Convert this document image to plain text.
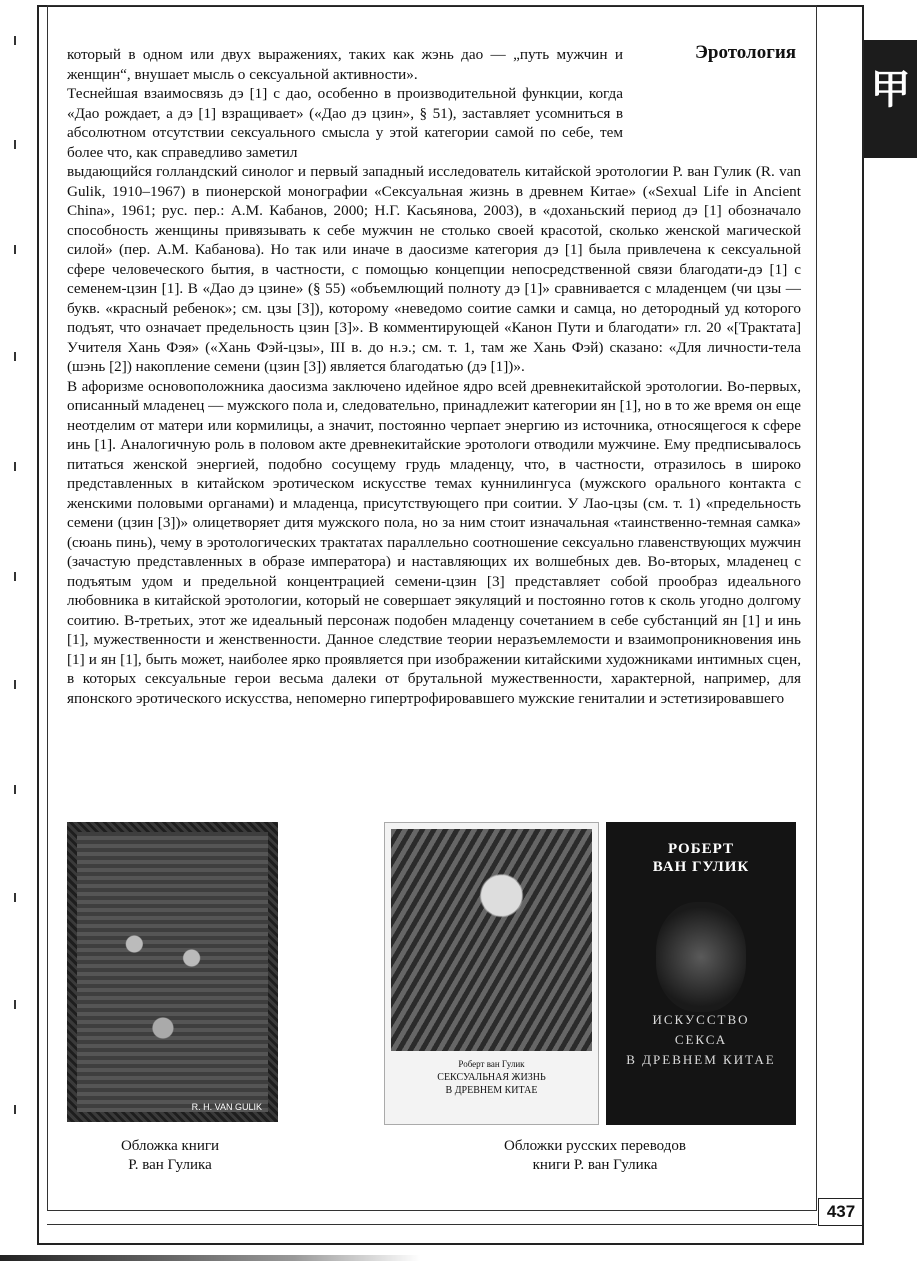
Эротология
甲

который в одном или двух выражениях, таких как жэнь дао — „путь мужчин и женщин“, внушает мысль о сексуальной активности».

Теснейшая взаимосвязь дэ [1] с дао, особенно в производительной функции, когда «Дао рождает, а дэ [1] взращивает» («Дао дэ цзин», § 51), заставляет усомниться в абсолютном отсутствии сексуального смысла у этой категории самой по себе, тем более что, как справедливо заметил

выдающийся голландский синолог и первый западный исследователь китайской эротологии Р. ван Гулик (R. van Gulik, 1910–1967) в пионерской монографии «Сексуальная жизнь в древнем Китае» («Sexual Life in Ancient China», 1961; рус. пер.: А.М. Кабанов, 2000; Н.Г. Касьянова, 2003), в «доханьский период дэ [1] обозначало способность женщины привязывать к себе мужчин не столько своей красотой, сколько женской магической силой» (пер. А.М. Кабанова). Но так или иначе в даосизме категория дэ [1] была привлечена к сексуальной сфере человеческого бытия, в частности, с помощью концепции непосредственной связи благодати-дэ [1] с семенем-цзин [1]. В «Дао дэ цзине» (§ 55) «объемлющий полноту дэ [1]» сравнивается с младенцем (чи цзы — букв. «красный ребенок»; см. цзы [3]), которому «неведомо соитие самки и самца, но детородный уд которого подъят, что означает предельность цзин [3]». В комментирующей «Канон Пути и благодати» гл. 20 «[Трактата] Учителя Хань Фэя» («Хань Фэй-цзы», III в. до н.э.; см. т. 1, там же Хань Фэй) сказано: «Для личности-тела (шэнь [2]) накопление семени (цзин [3]) является благодатью (дэ [1])».

В афоризме основоположника даосизма заключено идейное ядро всей древнекитайской эротологии. Во-первых, описанный младенец — мужского пола и, следовательно, принадлежит категории ян [1], но в то же время он еще неотделим от матери или кормилицы, а значит, постоянно черпает энергию из источника, относящегося к сфере инь [1]. Аналогичную роль в половом акте древнекитайские эротологи отводили мужчине. Ему предписывалось питаться женской энергией, подобно сосущему грудь младенцу, что, в частности, отразилось в широко представленных в китайском эротическом искусстве темах куннилингуса (мужского орального контакта с женскими половыми органами) и младенца, присутствующего при соитии. У Лао-цзы (см. т. 1) «предельность семени (цзин [3])» олицетворяет дитя мужского пола, но за ним стоит изначальная «таинственно-темная самка» (сюань пинь), чему в эротологических трактатах параллельно соотношение сексуально главенствующих мужчин (зачастую представленных в образе императора) и наставляющих их волшебных дев. Во-вторых, младенец с подъятым удом и предельной концентрацией семени-цзин [3] представляет собой прообраз идеального любовника в китайской эротологии, который не совершает эякуляций и постоянно готов к сколь угодно долгому соитию. В-третьих, этот же идеальный персонаж подобен младенцу сочетанием в себе субстанций ян [1] и инь [1], мужественности и женственности. Данное следствие теории неразъемлемости и взаимопроникновения инь [1] и ян [1], быть может, наиболее ярко проявляется при изображении китайскими художниками интимных сцен, в которых сексуальные герои весьма далеки от брутальной мужественности, характерной, например, для японского эротического искусства, непомерно гипертрофировавшего мужские гениталии и эстетизировавшего

R. H. VAN GULIK
Роберт ван Гулик
СЕКСУАЛЬНАЯ ЖИЗНЬ
В ДРЕВНЕМ КИТАЕ
РОБЕРТ
ВАН ГУЛИК
ИСКУССТВО
СЕКСА
В ДРЕВНЕМ КИТАЕ
Обложка книги
Р. ван Гулика
Обложки русских переводов
книги Р. ван Гулика
437
